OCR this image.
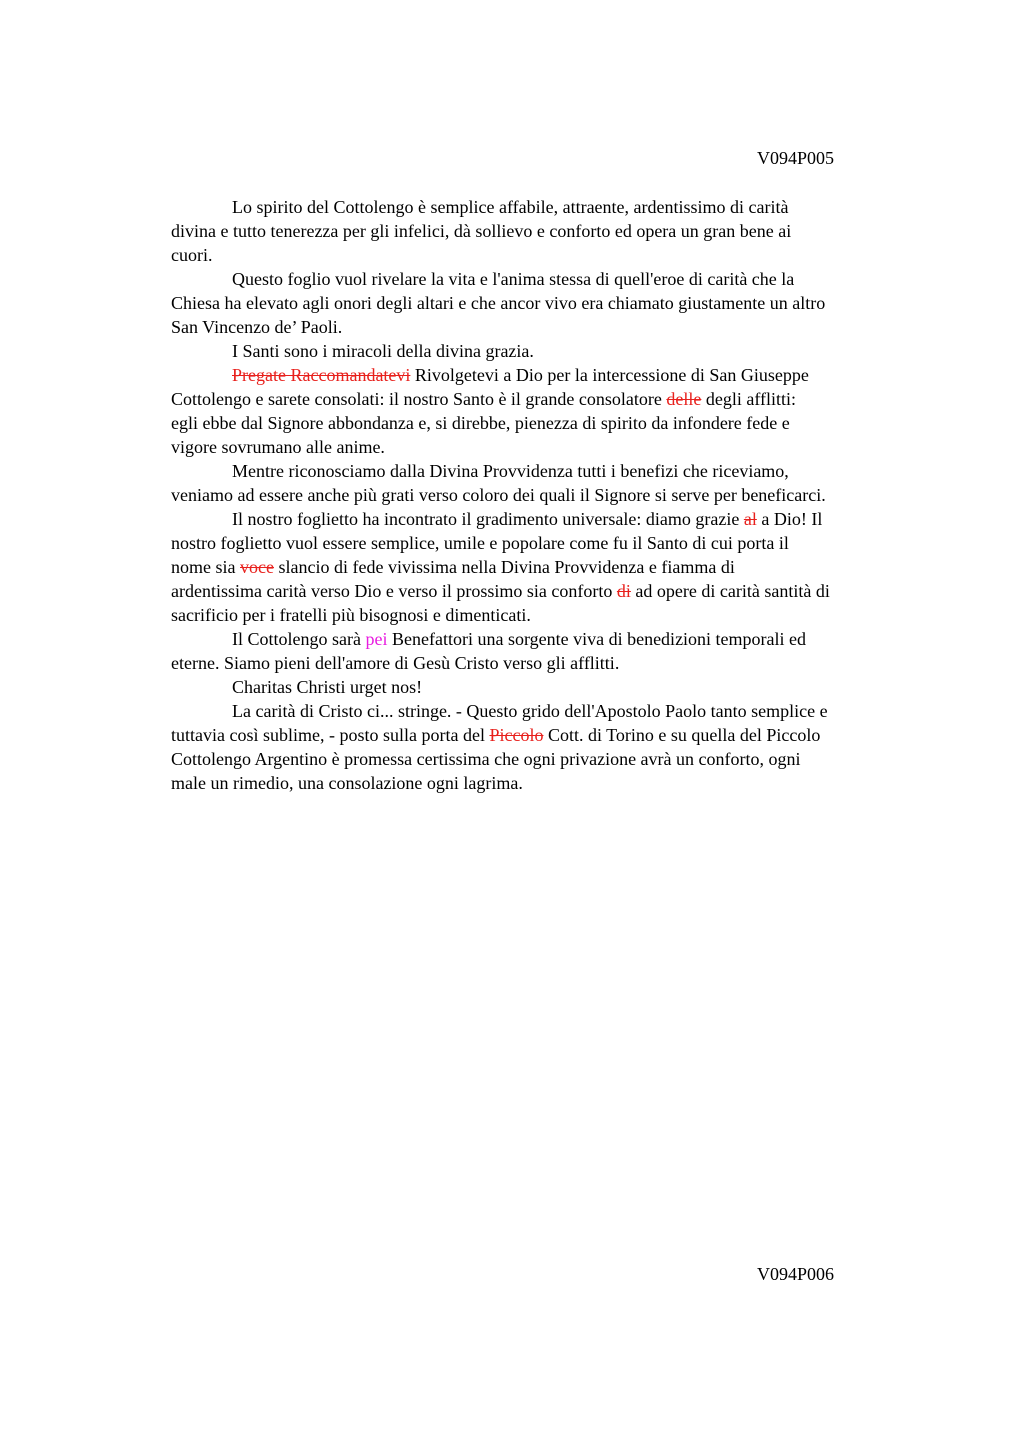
V094P005

Lo spirito del Cottolengo è semplice affabile, attraente, ardentissimo di carità
divina e tutto tenerezza per gli infelici, dà sollievo e conforto ed opera un gran bene ai
cuori.

Questo foglio vuol rivelare la vita e l'anima stessa di quell'eroe di carità che la
Chiesa ha elevato agli onori degli altari e che ancor vivo era chiamato giustamente un altro
San Vincenzo de’ Paoli.

I Santi sono i miracoli della divina grazia.

Pregate Raccomandatevi Rivolgetevi a Dio per la intercessione di San Giuseppe
Cottolengo e sarete consolati: il nostro Santo è il grande consolatore delle degli afflitti:
egli ebbe dal Signore abbondanza e, si direbbe, pienezza di spirito da infondere fede e
vigore sovrumano alle anime.

Mentre riconosciamo dalla Divina Provvidenza tutti i benefizi che riceviamo,
veniamo ad essere anche più grati verso coloro dei quali il Signore si serve per beneficarci.

Il nostro foglietto ha incontrato il gradimento universale: diamo grazie al a Dio! Il
nostro foglietto vuol essere semplice, umile e popolare come fu il Santo di cui porta il
nome sia voce slancio di fede vivissima nella Divina Provvidenza e fiamma di
ardentissima carità verso Dio e verso il prossimo sia conforto di ad opere di carità santità di
sacrificio per i fratelli più bisognosi e dimenticati.

Il Cottolengo sarà pei Benefattori una sorgente viva di benedizioni temporali ed
eterne. Siamo pieni dell'amore di Gesù Cristo verso gli afflitti.

Charitas Christi urget nos!

La carità di Cristo ci... stringe. - Questo grido dell'Apostolo Paolo tanto semplice e
tuttavia così sublime, - posto sulla porta del Piccolo Cott. di Torino e su quella del Piccolo
Cottolengo Argentino è promessa certissima che ogni privazione avrà un conforto, ogni
male un rimedio, una consolazione ogni lagrima.

V094P006
